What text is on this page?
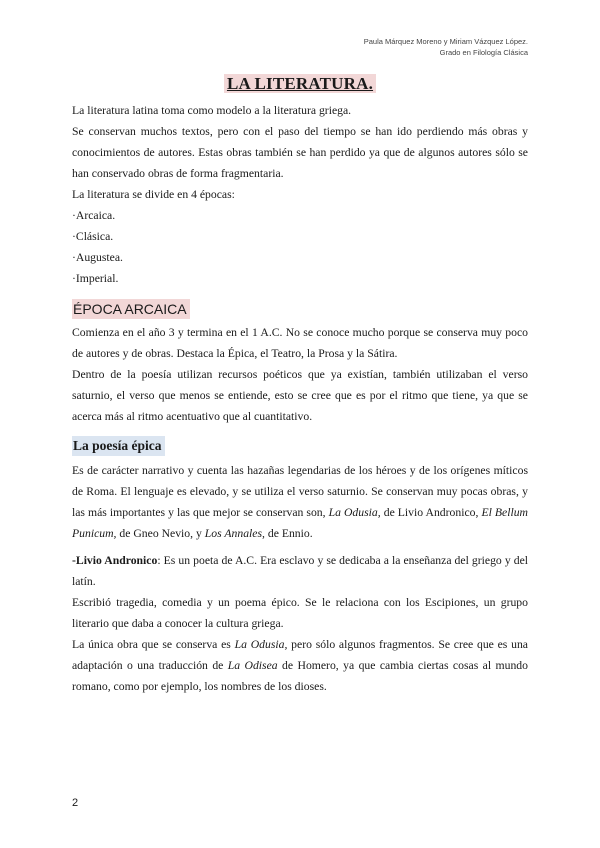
Paula Márquez Moreno y Miriam Vázquez López.
Grado en Filología Clásica
LA LITERATURA.

La literatura latina toma como modelo a la literatura griega.

Se conservan muchos textos, pero con el paso del tiempo se han ido perdiendo más obras y conocimientos de autores. Estas obras también se han perdido ya que de algunos autores sólo se han conservado obras de forma fragmentaria.

La literatura se divide en 4 épocas:

·Arcaica.

·Clásica.

·Augustea.

·Imperial.

ÉPOCA ARCAICA

Comienza en el año 3 y termina en el 1 A.C. No se conoce mucho porque se conserva muy poco de autores y de obras. Destaca la Épica, el Teatro, la Prosa y la Sátira.

Dentro de la poesía utilizan recursos poéticos que ya existían, también utilizaban el verso saturnio, el verso que menos se entiende, esto se cree que es por el ritmo que tiene, ya que se acerca más al ritmo acentuativo que al cuantitativo.

La poesía épica

Es de carácter narrativo y cuenta las hazañas legendarias de los héroes y de los orígenes míticos de Roma. El lenguaje es elevado, y se utiliza el verso saturnio. Se conservan muy pocas obras, y las más importantes y las que mejor se conservan son, La Odusia, de Livio Andronico, El Bellum Punicum, de Gneo Nevio, y Los Annales, de Ennio.

-Livio Andronico: Es un poeta de A.C. Era esclavo y se dedicaba a la enseñanza del griego y del latín.

Escribió tragedia, comedia y un poema épico. Se le relaciona con los Escipiones, un grupo literario que daba a conocer la cultura griega.

La única obra que se conserva es La Odusia, pero sólo algunos fragmentos. Se cree que es una adaptación o una traducción de La Odisea de Homero, ya que cambia ciertas cosas al mundo romano, como por ejemplo, los nombres de los dioses.

2
